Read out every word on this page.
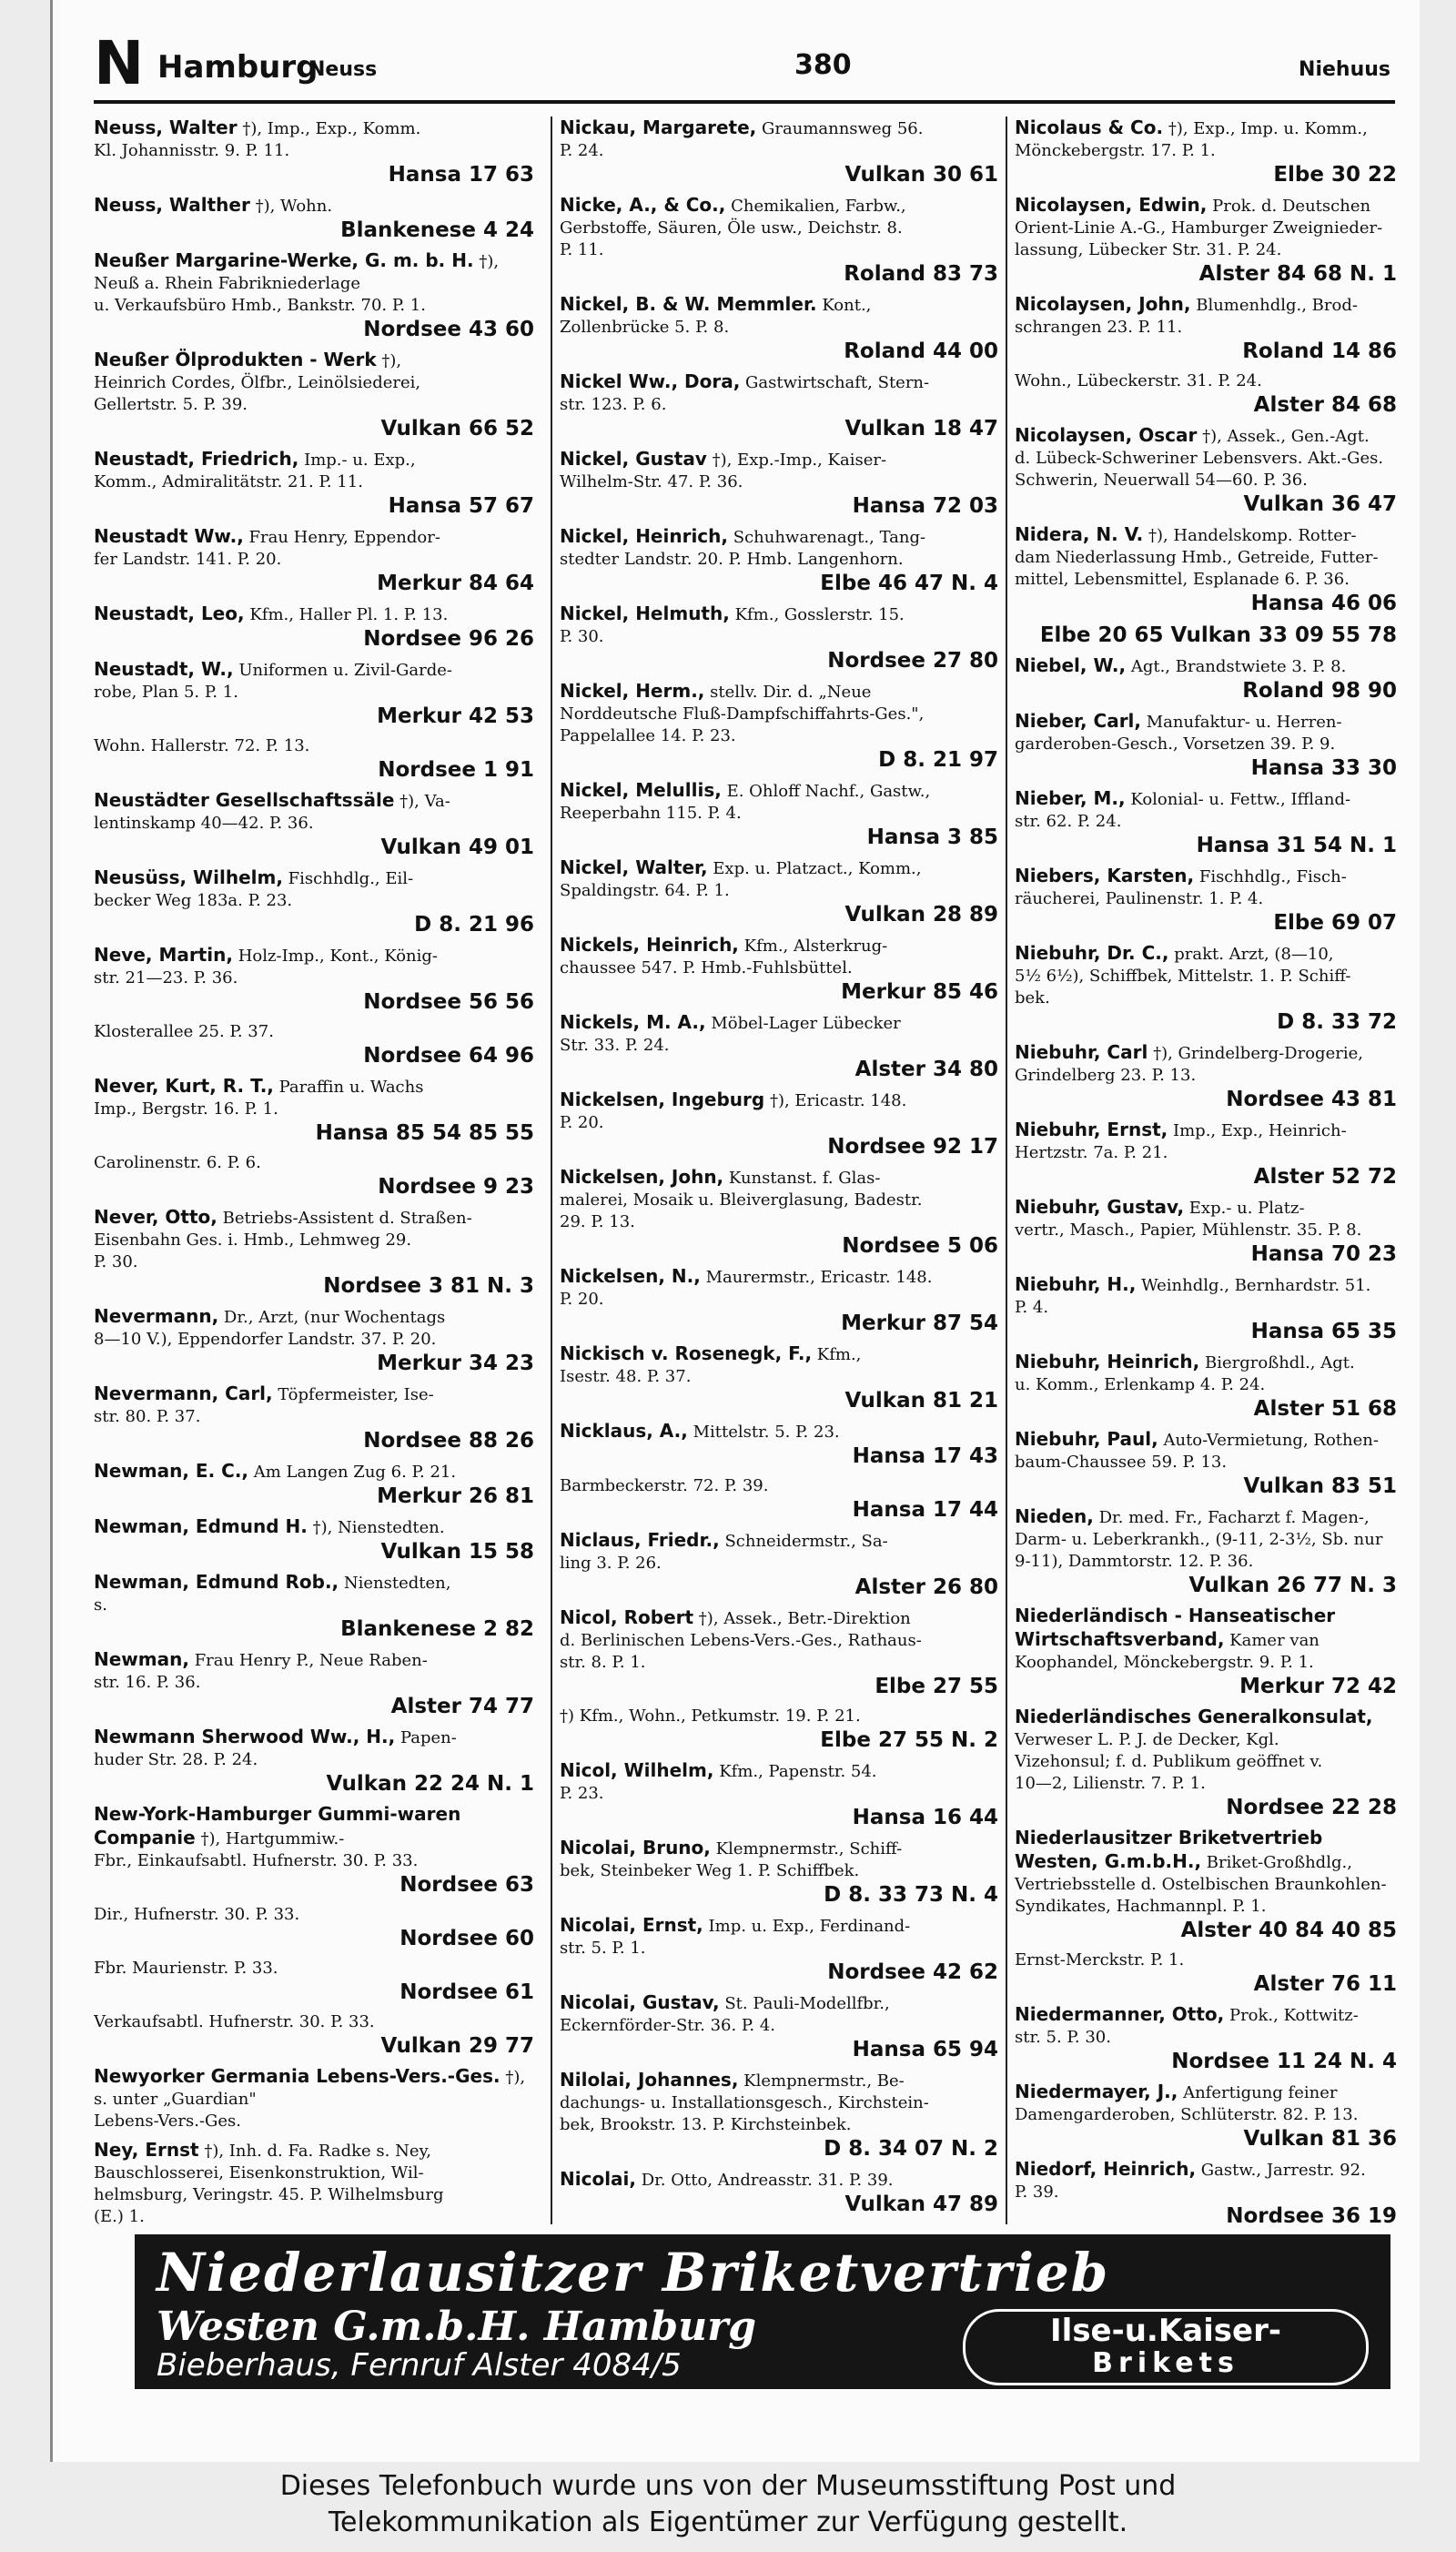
N Hamburg
Neuss	380	Niehuus
Neuss, Walter †), Imp., Exp., Komm.
Kl. Johannisstr. 9. P. 11.
Hansa 17 63
Neuss, Walther †), Wohn.
Blankenese 4 24
Neußer Margarine-Werke, G. m. b. H. †), Neuß a. Rhein Fabrikniederlage
u. Verkaufsbüro Hmb., Bankstr. 70. P. 1.
Nordsee 43 60
Neußer Ölprodukten - Werk †),
Heinrich Cordes, Ölfbr., Leinölsiederei,
Gellertstr. 5. P. 39.
Vulkan 66 52
Neustadt, Friedrich, Imp.- u. Exp.,
Komm., Admiralitätstr. 21. P. 11.
Hansa 57 67
Neustadt Ww., Frau Henry, Eppendor-
fer Landstr. 141. P. 20.
Merkur 84 64
Neustadt, Leo, Kfm., Haller Pl. 1. P. 13.
Nordsee 96 26
Neustadt, W., Uniformen u. Zivil-Garde-
robe, Plan 5. P. 1.
Merkur 42 53
Wohn. Hallerstr. 72. P. 13.
Nordsee 1 91
Neustädter Gesellschaftssäle †), Va-
lentinskamp 40—42. P. 36.
Vulkan 49 01
Neusüss, Wilhelm, Fischhdlg., Eil-
becker Weg 183a. P. 23.
D 8. 21 96
Neve, Martin, Holz-Imp., Kont., König-
str. 21—23. P. 36.
Nordsee 56 56
Klosterallee 25. P. 37.
Nordsee 64 96
Never, Kurt, R. T., Paraffin u. Wachs
Imp., Bergstr. 16. P. 1.
Hansa 85 54 85 55
Carolinenstr. 6. P. 6.
Nordsee 9 23
Never, Otto, Betriebs-Assistent d. Straßen-
Eisenbahn Ges. i. Hmb., Lehmweg 29.
P. 30.
Nordsee 3 81 N. 3
Nevermann, Dr., Arzt, (nur Wochentags
8—10 V.), Eppendorfer Landstr. 37. P. 20.
Merkur 34 23
Nevermann, Carl, Töpfermeister, Ise-
str. 80. P. 37.
Nordsee 88 26
Newman, E. C., Am Langen Zug 6. P. 21.
Merkur 26 81
Newman, Edmund H. †), Nienstedten.
Vulkan 15 58
Newman, Edmund Rob., Nienstedten,
s.
Blankenese 2 82
Newman, Frau Henry P., Neue Raben-
str. 16. P. 36.
Alster 74 77
Newmann Sherwood Ww., H., Papen-
huder Str. 28. P. 24.
Vulkan 22 24 N. 1
New-York-Hamburger Gummi-waren Companie †), Hartgummiw.-
Fbr., Einkaufsabtl. Hufnerstr. 30. P. 33.
Nordsee 63
Dir., Hufnerstr. 30. P. 33.
Nordsee 60
Fbr. Maurienstr. P. 33.
Nordsee 61
Verkaufsabtl. Hufnerstr. 30. P. 33.
Vulkan 29 77
Newyorker Germania Lebens-Vers.-Ges. †), s. unter „Guardian"
Lebens-Vers.-Ges.
Ney, Ernst †), Inh. d. Fa. Radke s. Ney,
Bauschlosserei, Eisenkonstruktion, Wil-
helmsburg, Veringstr. 45. P. Wilhelmsburg
(E.) 1.
Nickau, Margarete, Graumannsweg 56.
P. 24.
Vulkan 30 61
Nicke, A., & Co., Chemikalien, Farbw.,
Gerbstoffe, Säuren, Öle usw., Deichstr. 8.
P. 11.
Roland 83 73
Nickel, B. & W. Memmler. Kont.,
Zollenbrücke 5. P. 8.
Roland 44 00
Nickel Ww., Dora, Gastwirtschaft, Stern-
str. 123. P. 6.
Vulkan 18 47
Nickel, Gustav †), Exp.-Imp., Kaiser-
Wilhelm-Str. 47. P. 36.
Hansa 72 03
Nickel, Heinrich, Schuhwarenagt., Tang-
stedter Landstr. 20. P. Hmb. Langenhorn.
Elbe 46 47 N. 4
Nickel, Helmuth, Kfm., Gosslerstr. 15.
P. 30.
Nordsee 27 80
Nickel, Herm., stellv. Dir. d. „Neue
Norddeutsche Fluß-Dampfschiffahrts-Ges.",
Pappelallee 14. P. 23.
D 8. 21 97
Nickel, Melullis, E. Ohloff Nachf., Gastw.,
Reeperbahn 115. P. 4.
Hansa 3 85
Nickel, Walter, Exp. u. Platzact., Komm.,
Spaldingstr. 64. P. 1.
Vulkan 28 89
Nickels, Heinrich, Kfm., Alsterkrug-
chaussee 547. P. Hmb.-Fuhlsbüttel.
Merkur 85 46
Nickels, M. A., Möbel-Lager Lübecker
Str. 33. P. 24.
Alster 34 80
Nickelsen, Ingeburg †), Ericastr. 148.
P. 20.
Nordsee 92 17
Nickelsen, John, Kunstanst. f. Glas-
malerei, Mosaik u. Bleiverglasung, Badestr.
29. P. 13.
Nordsee 5 06
Nickelsen, N., Maurermstr., Ericastr. 148.
P. 20.
Merkur 87 54
Nickisch v. Rosenegk, F., Kfm.,
Isestr. 48. P. 37.
Vulkan 81 21
Nicklaus, A., Mittelstr. 5. P. 23.
Hansa 17 43
Barmbeckerstr. 72. P. 39.
Hansa 17 44
Niclaus, Friedr., Schneidermstr., Sa-
ling 3. P. 26.
Alster 26 80
Nicol, Robert †), Assek., Betr.-Direktion
d. Berlinischen Lebens-Vers.-Ges., Rathaus-
str. 8. P. 1.
Elbe 27 55
†) Kfm., Wohn., Petkumstr. 19. P. 21.
Elbe 27 55 N. 2
Nicol, Wilhelm, Kfm., Papenstr. 54.
P. 23.
Hansa 16 44
Nicolai, Bruno, Klempnermstr., Schiff-
bek, Steinbeker Weg 1. P. Schiffbek.
D 8. 33 73 N. 4
Nicolai, Ernst, Imp. u. Exp., Ferdinand-
str. 5. P. 1.
Nordsee 42 62
Nicolai, Gustav, St. Pauli-Modellfbr.,
Eckernförder-Str. 36. P. 4.
Hansa 65 94
Nilolai, Johannes, Klempnermstr., Be-
dachungs- u. Installationsgesch., Kirchstein-
bek, Brookstr. 13. P. Kirchsteinbek.
D 8. 34 07 N. 2
Nicolai, Dr. Otto, Andreasstr. 31. P. 39.
Vulkan 47 89
Nicolaus & Co. †), Exp., Imp. u. Komm.,
Mönckebergstr. 17. P. 1.
Elbe 30 22
Nicolaysen, Edwin, Prok. d. Deutschen
Orient-Linie A.-G., Hamburger Zweignieder-
lassung, Lübecker Str. 31. P. 24.
Alster 84 68 N. 1
Nicolaysen, John, Blumenhdlg., Brod-
schrangen 23. P. 11.
Roland 14 86
Wohn., Lübeckerstr. 31. P. 24.
Alster 84 68
Nicolaysen, Oscar †), Assek., Gen.-Agt.
d. Lübeck-Schweriner Lebensvers. Akt.-Ges.
Schwerin, Neuerwall 54—60. P. 36.
Vulkan 36 47
Nidera, N. V. †), Handelskomp. Rotter-
dam Niederlassung Hmb., Getreide, Futter-
mittel, Lebensmittel, Esplanade 6. P. 36.
Hansa 46 06
Elbe 20 65 Vulkan 33 09 55 78
Niebel, W., Agt., Brandstwiete 3. P. 8.
Roland 98 90
Nieber, Carl, Manufaktur- u. Herren-
garderoben-Gesch., Vorsetzen 39. P. 9.
Hansa 33 30
Nieber, M., Kolonial- u. Fettw., Iffland-
str. 62. P. 24.
Hansa 31 54 N. 1
Niebers, Karsten, Fischhdlg., Fisch-
räucherei, Paulinenstr. 1. P. 4.
Elbe 69 07
Niebuhr, Dr. C., prakt. Arzt, (8—10,
5½ 6½), Schiffbek, Mittelstr. 1. P. Schiff-
bek.
D 8. 33 72
Niebuhr, Carl †), Grindelberg-Drogerie,
Grindelberg 23. P. 13.
Nordsee 43 81
Niebuhr, Ernst, Imp., Exp., Heinrich-
Hertzstr. 7a. P. 21.
Alster 52 72
Niebuhr, Gustav, Exp.- u. Platz-
vertr., Masch., Papier, Mühlenstr. 35. P. 8.
Hansa 70 23
Niebuhr, H., Weinhdlg., Bernhardstr. 51.
P. 4.
Hansa 65 35
Niebuhr, Heinrich, Biergroßhdl., Agt.
u. Komm., Erlenkamp 4. P. 24.
Alster 51 68
Niebuhr, Paul, Auto-Vermietung, Rothen-
baum-Chaussee 59. P. 13.
Vulkan 83 51
Nieden, Dr. med. Fr., Facharzt f. Magen-,
Darm- u. Leberkrankh., (9-11, 2-3½, Sb. nur
9-11), Dammtorstr. 12. P. 36.
Vulkan 26 77 N. 3
Niederländisch - Hanseatischer Wirtschaftsverband, Kamer van
Koophandel, Mönckebergstr. 9. P. 1.
Merkur 72 42
Niederländisches Generalkonsulat, Verweser L. P. J. de Decker, Kgl.
Vizehonsul; f. d. Publikum geöffnet v.
10—2, Lilienstr. 7. P. 1.
Nordsee 22 28
Niederlausitzer Briketvertrieb Westen, G.m.b.H., Briket-Großhdlg.,
Vertriebsstelle d. Ostelbischen Braunkohlen-
Syndikates, Hachmannpl. P. 1.
Alster 40 84 40 85
Ernst-Merckstr. P. 1.
Alster 76 11
Niedermanner, Otto, Prok., Kottwitz-
str. 5. P. 30.
Nordsee 11 24 N. 4
Niedermayer, J., Anfertigung feiner
Damengarderoben, Schlüterstr. 82. P. 13.
Vulkan 81 36
Niedorf, Heinrich, Gastw., Jarrestr. 92.
P. 39.
Nordsee 36 19
Niederlausitzer Briketvertrieb
Westen G.m.b.H. Hamburg
Bieberhaus, Fernruf Alster 4084/5
Ilse-u.Kaiser-
Brikets
Dieses Telefonbuch wurde uns von der Museumsstiftung Post und
Telekommunikation als Eigentümer zur Verfügung gestellt.
